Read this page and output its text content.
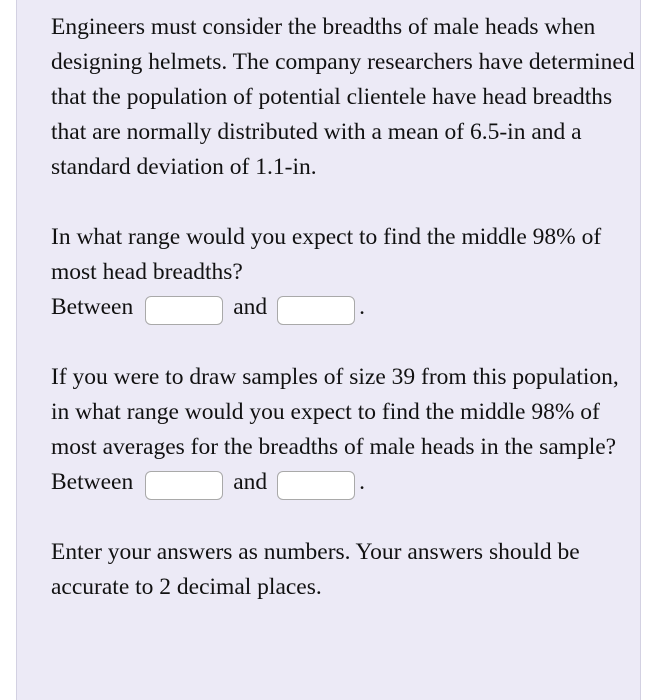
Engineers must consider the breadths of male heads when designing helmets. The company researchers have determined that the population of potential clientele have head breadths that are normally distributed with a mean of 6.5-in and a standard deviation of 1.1-in.

In what range would you expect to find the middle 98% of most head breadths?

Between	and	.

If you were to draw samples of size 39 from this population, in what range would you expect to find the middle 98% of most averages for the breadths of male heads in the sample?

Between	and	.

Enter your answers as numbers. Your answers should be accurate to 2 decimal places.
